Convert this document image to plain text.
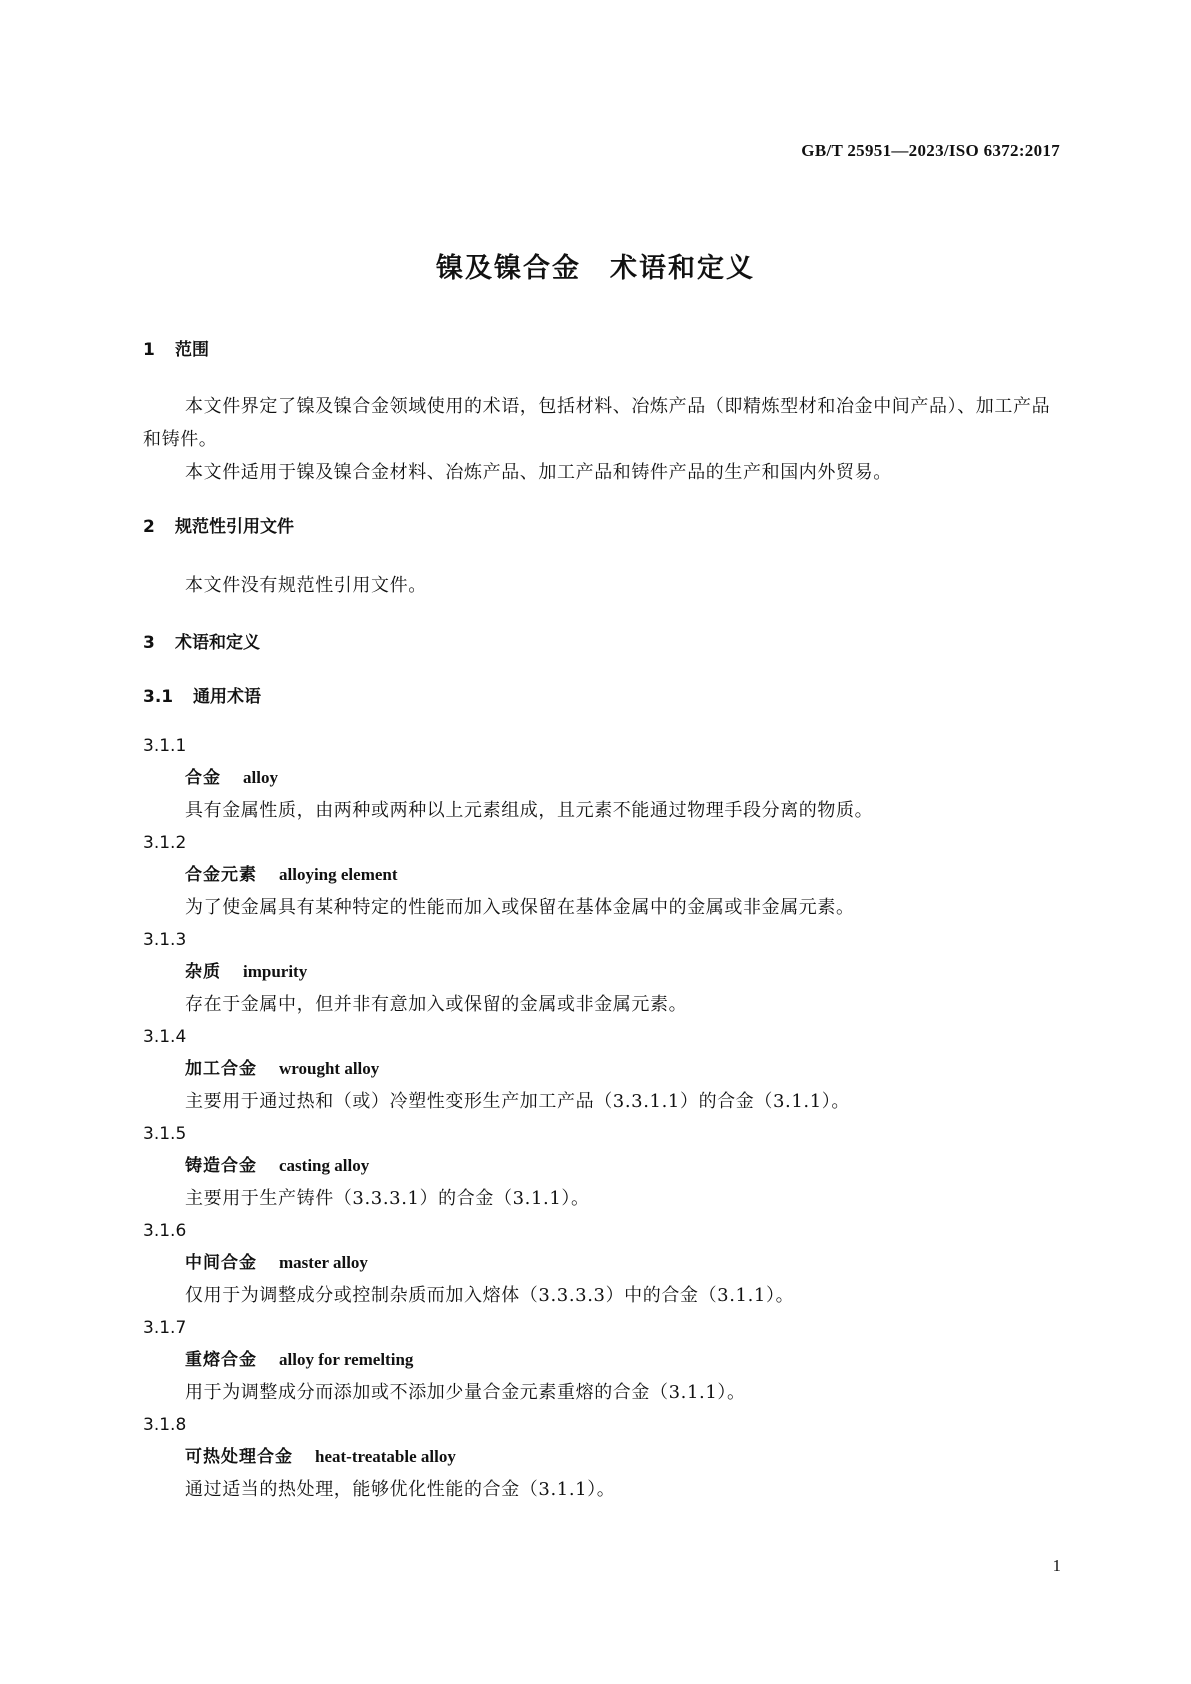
GB/T 25951—2023/ISO 6372:2017
镍及镍合金　术语和定义
1 范围
本文件界定了镍及镍合金领域使用的术语，包括材料、冶炼产品（即精炼型材和冶金中间产品）、加工产品和铸件。
本文件适用于镍及镍合金材料、冶炼产品、加工产品和铸件产品的生产和国内外贸易。
2 规范性引用文件
本文件没有规范性引用文件。
3 术语和定义
3.1 通用术语
3.1.1
合金 alloy
具有金属性质，由两种或两种以上元素组成，且元素不能通过物理手段分离的物质。
3.1.2
合金元素 alloying element
为了使金属具有某种特定的性能而加入或保留在基体金属中的金属或非金属元素。
3.1.3
杂质 impurity
存在于金属中，但并非有意加入或保留的金属或非金属元素。
3.1.4
加工合金 wrought alloy
主要用于通过热和（或）冷塑性变形生产加工产品（3.3.1.1）的合金（3.1.1）。
3.1.5
铸造合金 casting alloy
主要用于生产铸件（3.3.3.1）的合金（3.1.1）。
3.1.6
中间合金 master alloy
仅用于为调整成分或控制杂质而加入熔体（3.3.3.3）中的合金（3.1.1）。
3.1.7
重熔合金 alloy for remelting
用于为调整成分而添加或不添加少量合金元素重熔的合金（3.1.1）。
3.1.8
可热处理合金 heat-treatable alloy
通过适当的热处理，能够优化性能的合金（3.1.1）。
1
